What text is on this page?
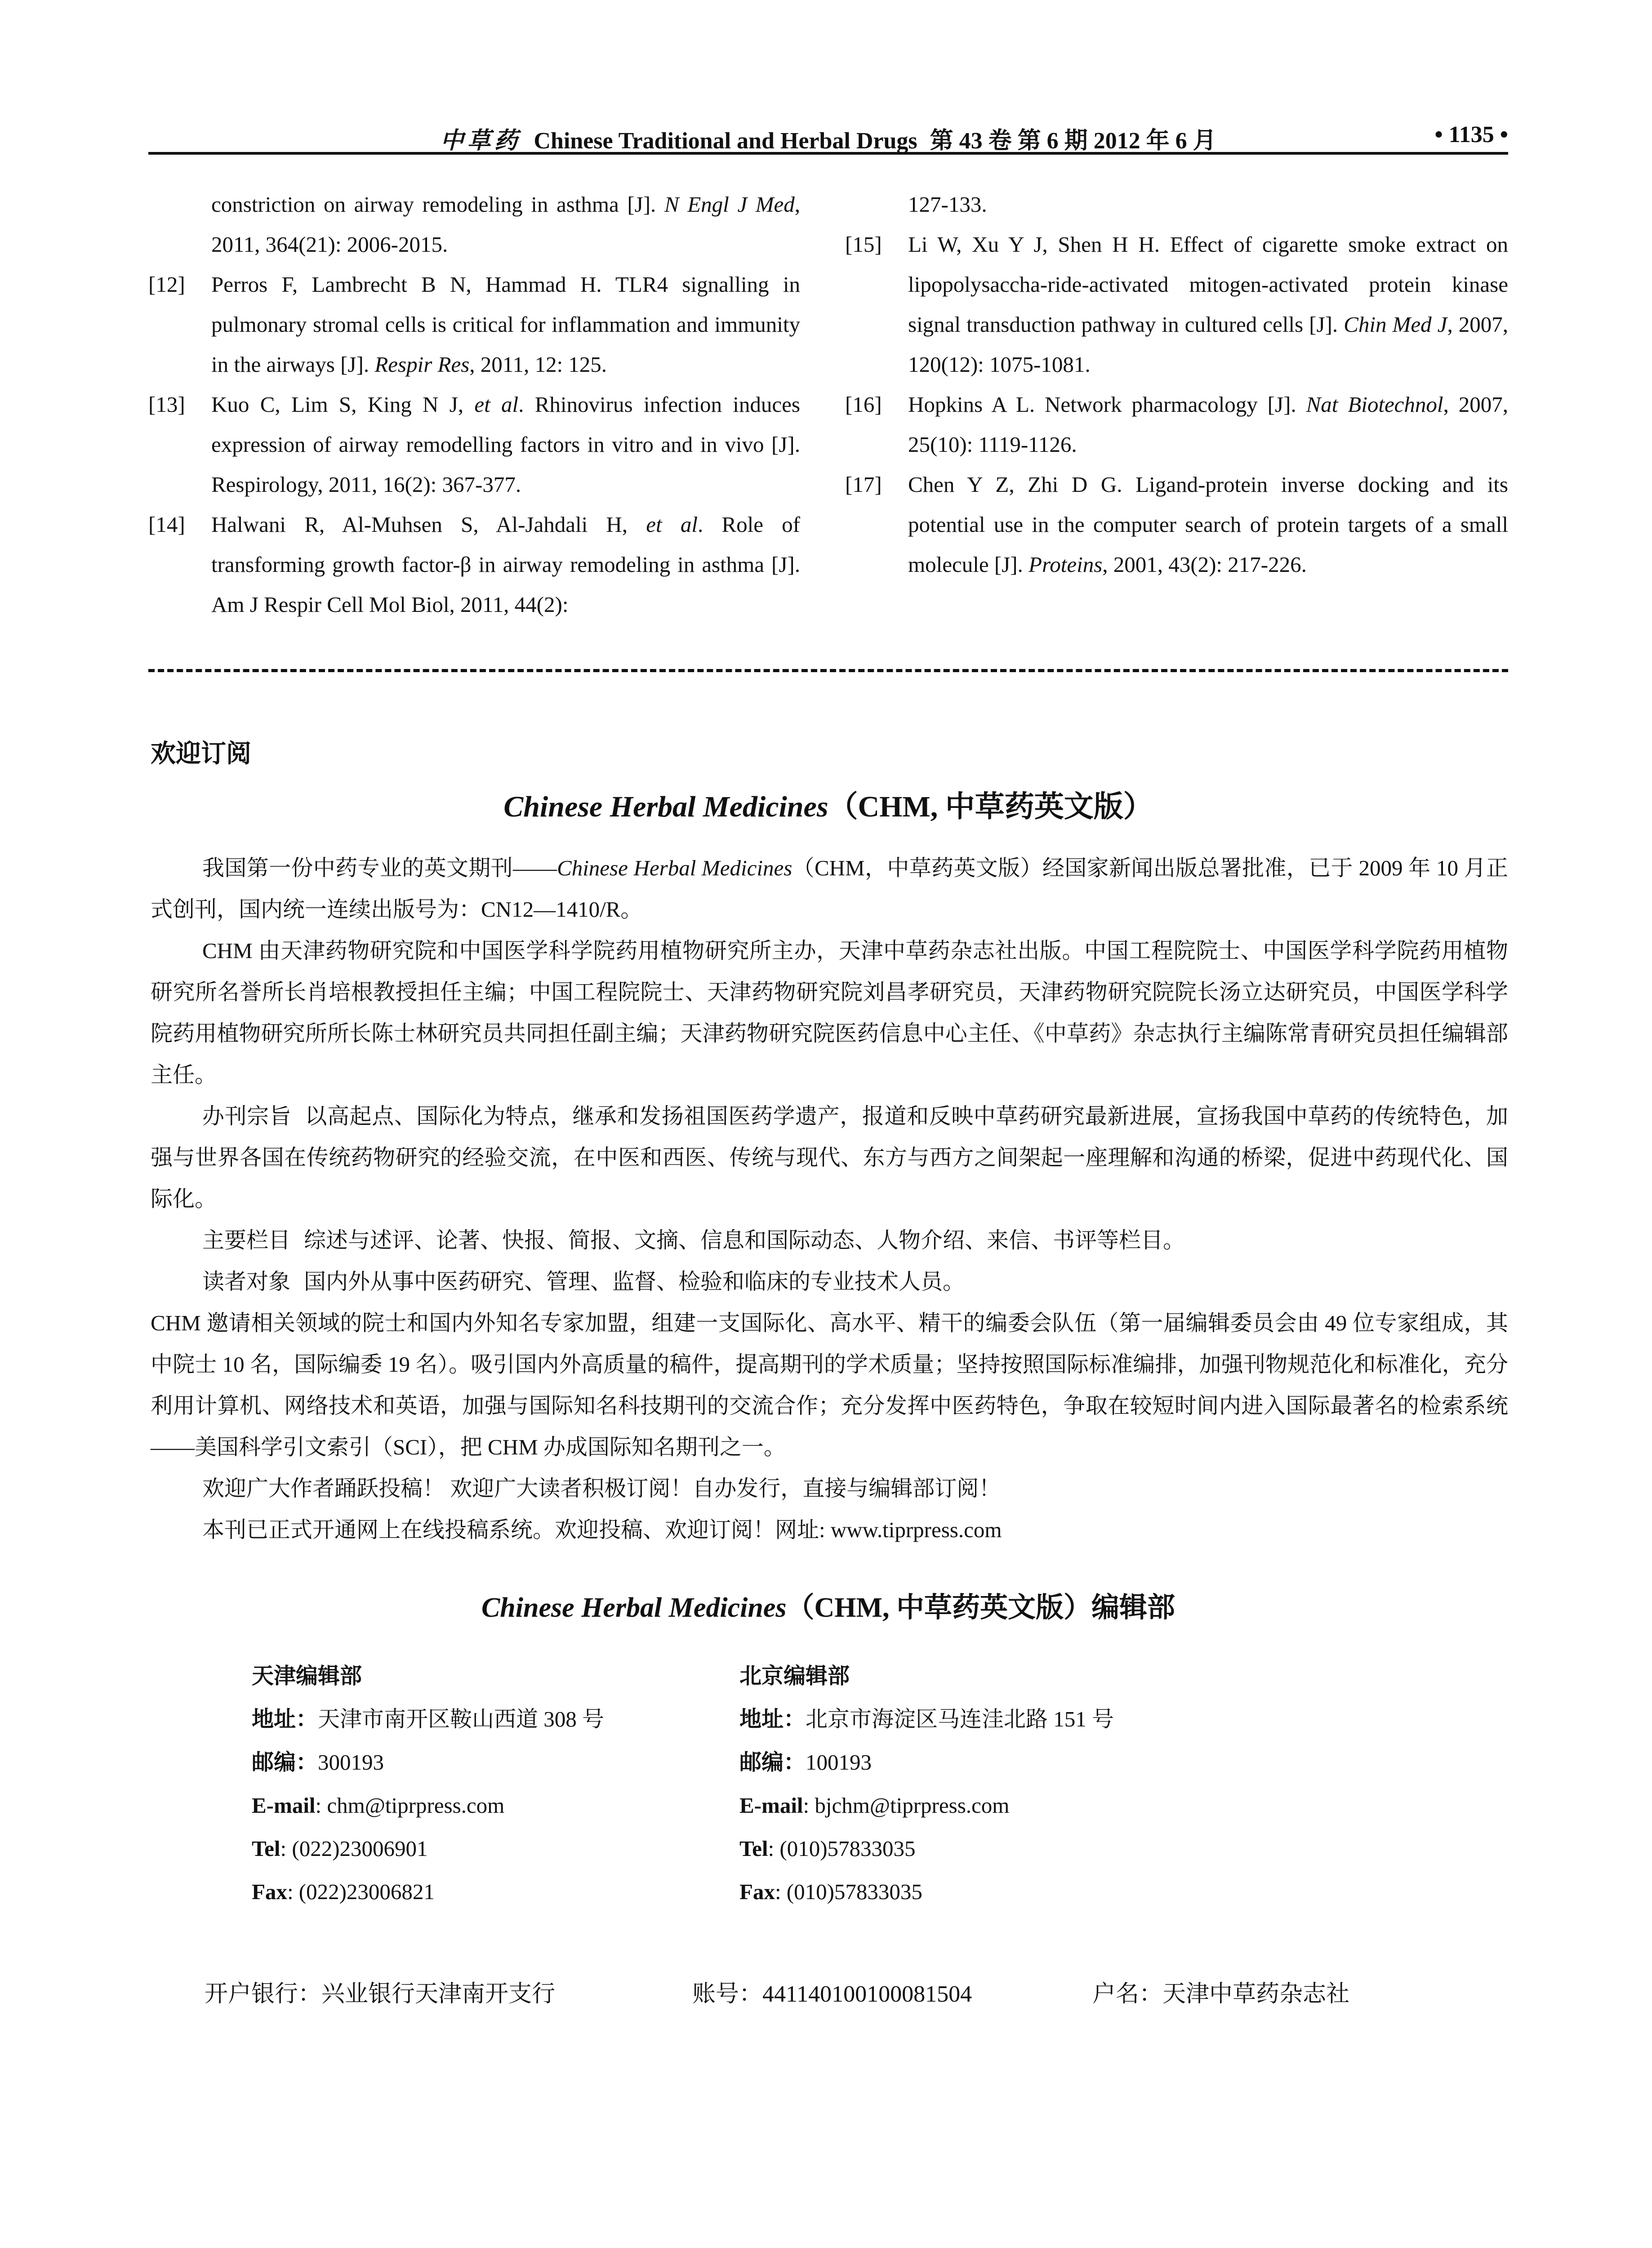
中草药 Chinese Traditional and Herbal Drugs 第 43 卷 第 6 期 2012 年 6 月	• 1135 •
constriction on airway remodeling in asthma [J]. N Engl J Med, 2011, 364(21): 2006-2015.
[12] Perros F, Lambrecht B N, Hammad H. TLR4 signalling in pulmonary stromal cells is critical for inflammation and immunity in the airways [J]. Respir Res, 2011, 12: 125.
[13] Kuo C, Lim S, King N J, et al. Rhinovirus infection induces expression of airway remodelling factors in vitro and in vivo [J]. Respirology, 2011, 16(2): 367-377.
[14] Halwani R, Al-Muhsen S, Al-Jahdali H, et al. Role of transforming growth factor-β in airway remodeling in asthma [J]. Am J Respir Cell Mol Biol, 2011, 44(2):
127-133.
[15] Li W, Xu Y J, Shen H H. Effect of cigarette smoke extract on lipopolysaccha-ride-activated mitogen-activated protein kinase signal transduction pathway in cultured cells [J]. Chin Med J, 2007, 120(12): 1075-1081.
[16] Hopkins A L. Network pharmacology [J]. Nat Biotechnol, 2007, 25(10): 1119-1126.
[17] Chen Y Z, Zhi D G. Ligand-protein inverse docking and its potential use in the computer search of protein targets of a small molecule [J]. Proteins, 2001, 43(2): 217-226.
欢迎订阅
Chinese Herbal Medicines（CHM, 中草药英文版）

我国第一份中药专业的英文期刊——Chinese Herbal Medicines（CHM，中草药英文版）经国家新闻出版总署批准，已于 2009 年 10 月正式创刊，国内统一连续出版号为：CN12—1410/R。

CHM 由天津药物研究院和中国医学科学院药用植物研究所主办，天津中草药杂志社出版。中国工程院院士、中国医学科学院药用植物研究所名誉所长肖培根教授担任主编；中国工程院院士、天津药物研究院刘昌孝研究员，天津药物研究院院长汤立达研究员，中国医学科学院药用植物研究所所长陈士林研究员共同担任副主编；天津药物研究院医药信息中心主任、《中草药》杂志执行主编陈常青研究员担任编辑部主任。

办刊宗旨 以高起点、国际化为特点，继承和发扬祖国医药学遗产，报道和反映中草药研究最新进展，宣扬我国中草药的传统特色，加强与世界各国在传统药物研究的经验交流，在中医和西医、传统与现代、东方与西方之间架起一座理解和沟通的桥梁，促进中药现代化、国际化。

主要栏目 综述与述评、论著、快报、简报、文摘、信息和国际动态、人物介绍、来信、书评等栏目。

读者对象 国内外从事中医药研究、管理、监督、检验和临床的专业技术人员。

CHM 邀请相关领域的院士和国内外知名专家加盟，组建一支国际化、高水平、精干的编委会队伍（第一届编辑委员会由 49 位专家组成，其中院士 10 名，国际编委 19 名）。吸引国内外高质量的稿件，提高期刊的学术质量；坚持按照国际标准编排，加强刊物规范化和标准化，充分利用计算机、网络技术和英语，加强与国际知名科技期刊的交流合作；充分发挥中医药特色，争取在较短时间内进入国际最著名的检索系统——美国科学引文索引（SCI），把 CHM 办成国际知名期刊之一。

欢迎广大作者踊跃投稿！ 欢迎广大读者积极订阅！自办发行，直接与编辑部订阅！

本刊已正式开通网上在线投稿系统。欢迎投稿、欢迎订阅！网址: www.tiprpress.com

Chinese Herbal Medicines（CHM, 中草药英文版）编辑部
天津编辑部
地址：天津市南开区鞍山西道 308 号
邮编：300193
E-mail: chm@tiprpress.com
Tel: (022)23006901
Fax: (022)23006821
北京编辑部
地址：北京市海淀区马连洼北路 151 号
邮编：100193
E-mail: bjchm@tiprpress.com
Tel: (010)57833035
Fax: (010)57833035
开户银行：兴业银行天津南开支行	账号：441140100100081504	户名：天津中草药杂志社
